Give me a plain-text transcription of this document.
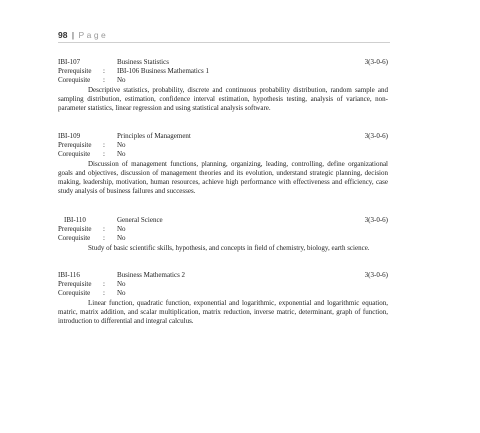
98 | Page
IBI-107	Business Statistics	3(3-0-6)
Prerequisite : IBI-106 Business Mathematics 1
Corequisite : No

Descriptive statistics, probability, discrete and continuous probability distribution, random sample and sampling distribution, estimation, confidence interval estimation, hypothesis testing, analysis of variance, non-parameter statistics, linear regression and using statistical analysis software.

IBI-109	Principles of Management	3(3-0-6)
Prerequisite : No
Corequisite : No

Discussion of management functions, planning, organizing, leading, controlling, define organizational goals and objectives, discussion of management theories and its evolution, understand strategic planning, decision making, leadership, motivation, human resources, achieve high performance with effectiveness and efficiency, case study analysis of business failures and successes.

IBI-110	General Science	3(3-0-6)
Prerequisite : No
Corequisite : No

Study of basic scientific skills, hypothesis, and concepts in field of chemistry, biology, earth science.

IBI-116	Business Mathematics 2	3(3-0-6)
Prerequisite : No
Corequisite : No

Linear function, quadratic function, exponential and logarithmic, exponential and logarithmic equation, matric, matrix addition, and scalar multiplication, matrix reduction, inverse matric, determinant, graph of function, introduction to differential and integral calculus.
